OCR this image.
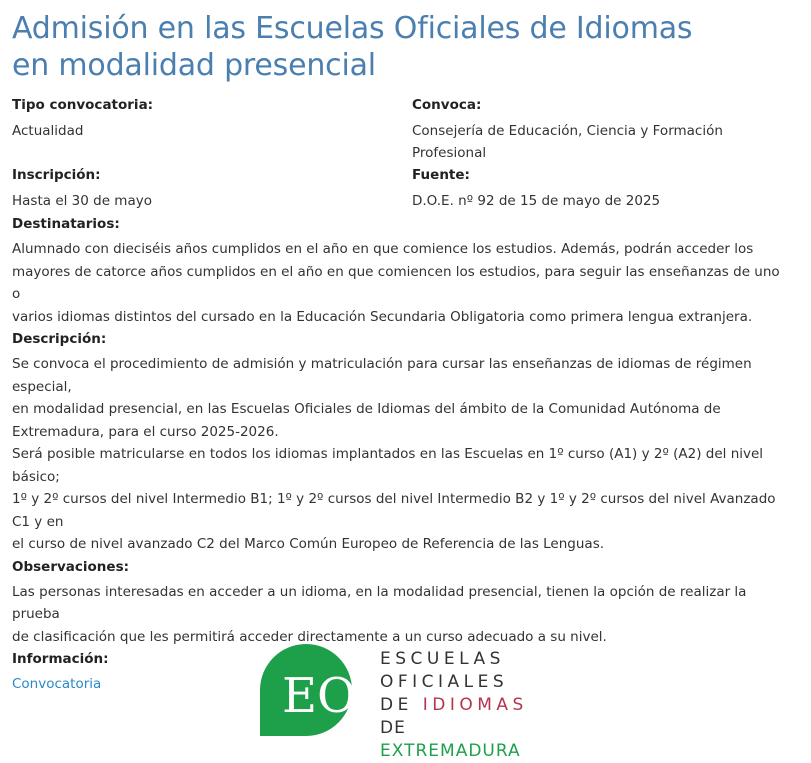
Admisión en las Escuelas Oficiales de Idiomas
en modalidad presencial
Tipo convocatoria:	Convoca:
Actualidad	Consejería de Educación, Ciencia y Formación
Profesional
Inscripción:	Fuente:
Hasta el 30 de mayo	D.O.E. nº 92 de 15 de mayo de 2025
Destinatarios:

Alumnado con dieciséis años cumplidos en el año en que comience los estudios. Además, podrán acceder los
mayores de catorce años cumplidos en el año en que comiencen los estudios, para seguir las enseñanzas de uno o
varios idiomas distintos del cursado en la Educación Secundaria Obligatoria como primera lengua extranjera.

Descripción:

Se convoca el procedimiento de admisión y matriculación para cursar las enseñanzas de idiomas de régimen especial,
en modalidad presencial, en las Escuelas Oficiales de Idiomas del ámbito de la Comunidad Autónoma de
Extremadura, para el curso 2025-2026.
Será posible matricularse en todos los idiomas implantados en las Escuelas en 1º curso (A1) y 2º (A2) del nivel básico;
1º y 2º cursos del nivel Intermedio B1; 1º y 2º cursos del nivel Intermedio B2 y 1º y 2º cursos del nivel Avanzado C1 y en
el curso de nivel avanzado C2 del Marco Común Europeo de Referencia de las Lenguas.

Observaciones:

Las personas interesadas en acceder a un idioma, en la modalidad presencial, tienen la opción de realizar la prueba
de clasificación que les permitirá acceder directamente a un curso adecuado a su nivel.

Información:
Convocatoria	EOI
ESCUELAS
OFICIALES
DE IDIOMAS
DE EXTREMADURA
